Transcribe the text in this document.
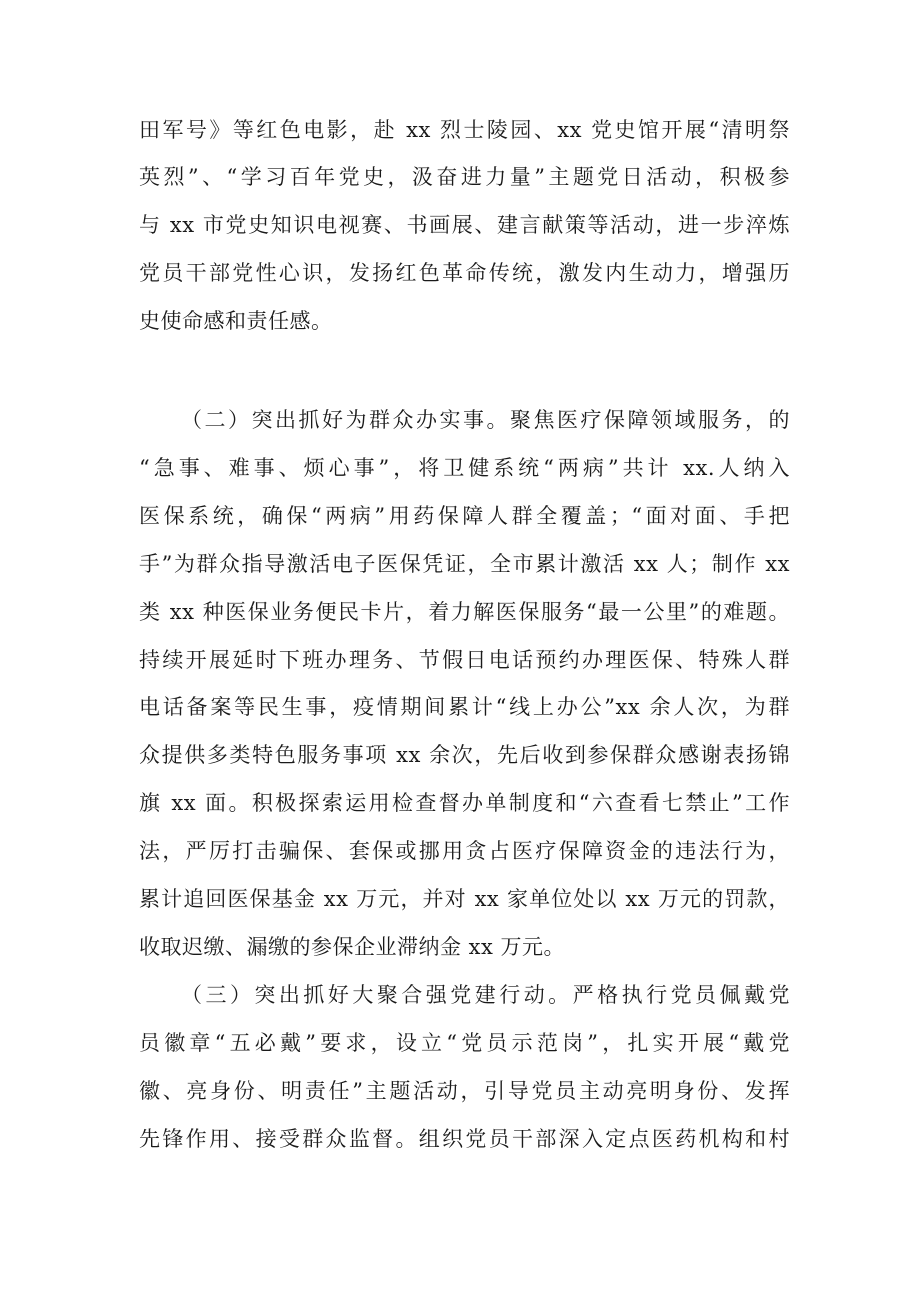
田军号》等红色电影，赴 xx 烈士陵园、xx 党史馆开展“清明祭
英烈”、“学习百年党史，汲奋进力量”主题党日活动，积极参
与 xx 市党史知识电视赛、书画展、建言献策等活动，进一步淬炼
党员干部党性心识，发扬红色革命传统，激发内生动力，增强历
史使命感和责任感。
（二）突出抓好为群众办实事。聚焦医疗保障领域服务，的
“急事、难事、烦心事”，将卫健系统“两病”共计 xx.人纳入
医保系统，确保“两病”用药保障人群全覆盖；“面对面、手把
手”为群众指导激活电子医保凭证，全市累计激活 xx 人；制作 xx
类 xx 种医保业务便民卡片，着力解医保服务“最一公里”的难题。
持续开展延时下班办理务、节假日电话预约办理医保、特殊人群
电话备案等民生事，疫情期间累计“线上办公”xx 余人次，为群
众提供多类特色服务事项 xx 余次，先后收到参保群众感谢表扬锦
旗 xx 面。积极探索运用检查督办单制度和“六查看七禁止”工作
法，严厉打击骗保、套保或挪用贪占医疗保障资金的违法行为，
累计追回医保基金 xx 万元，并对 xx 家单位处以 xx 万元的罚款，
收取迟缴、漏缴的参保企业滞纳金 xx 万元。
（三）突出抓好大聚合强党建行动。严格执行党员佩戴党
员徽章“五必戴”要求，设立“党员示范岗”，扎实开展“戴党
徽、亮身份、明责任”主题活动，引导党员主动亮明身份、发挥
先锋作用、接受群众监督。组织党员干部深入定点医药机构和村
